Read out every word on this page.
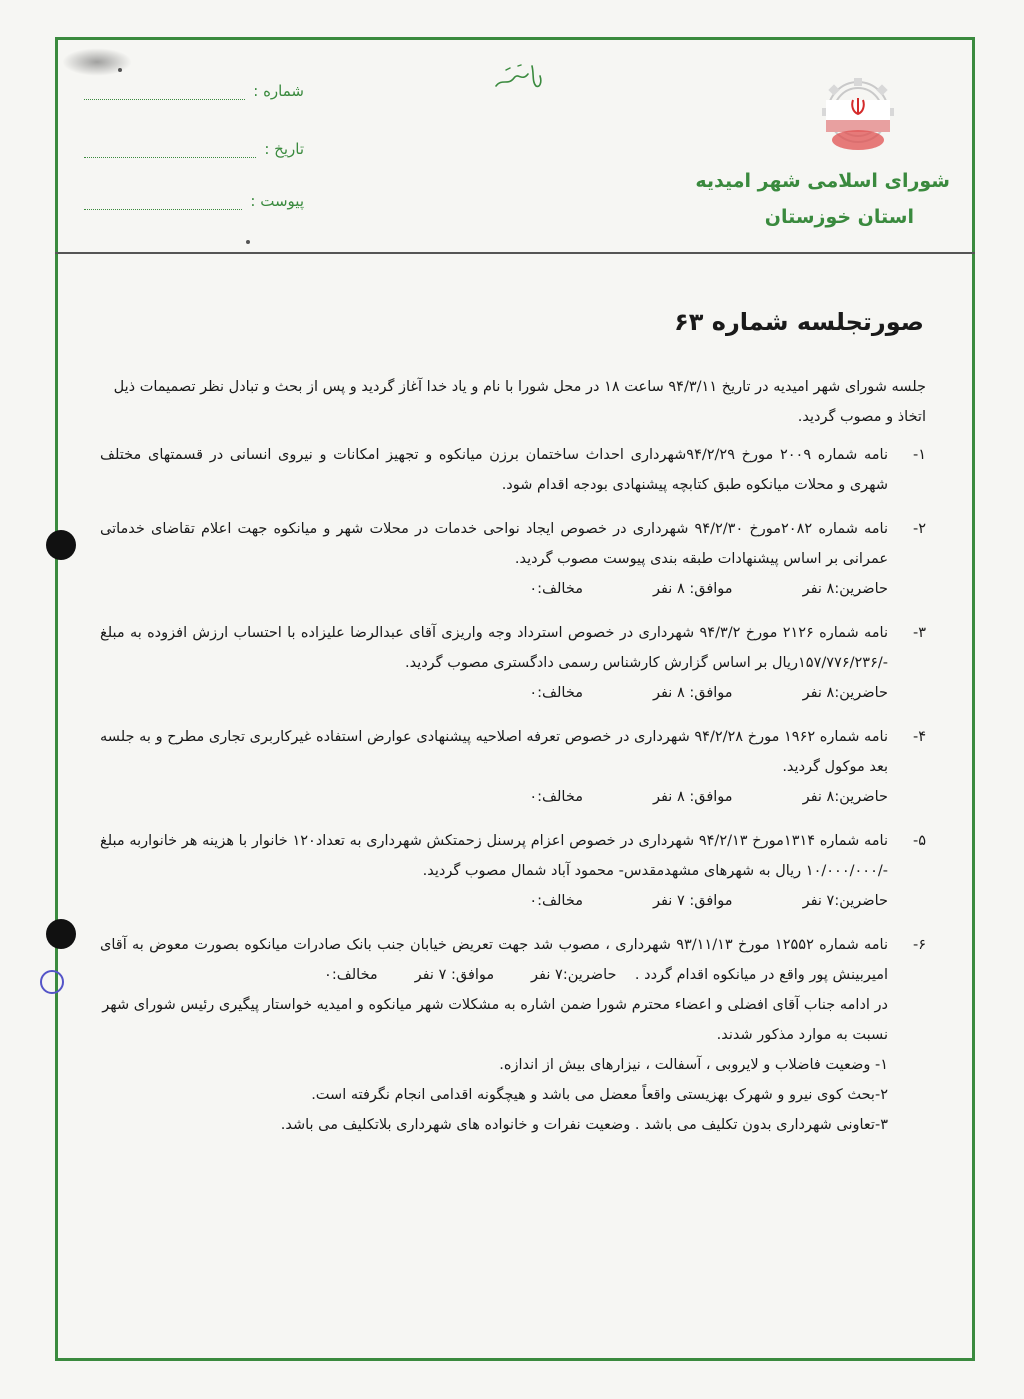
شماره :
تاریخ :
پیوست :
شورای اسلامی شهر امیدیه
استان خوزستان
صورتجلسه شماره ۶۳

جلسه شورای شهر امیدیه در تاریخ ۹۴/۳/۱۱ ساعت ۱۸ در محل شورا با نام و یاد خدا آغاز گردید و پس از بحث و تبادل نظر تصمیمات ذیل اتخاذ و مصوب گردید.

۱-

نامه شماره ۲۰۰۹ مورخ ۹۴/۲/۲۹شهرداری احداث ساختمان برزن میانکوه و تجهیز امکانات و نیروی انسانی در قسمتهای مختلف شهری و محلات میانکوه طبق کتابچه پیشنهادی بودجه اقدام شود.

۲-

نامه شماره ۲۰۸۲مورخ ۹۴/۲/۳۰ شهرداری در خصوص ایجاد نواحی خدمات در محلات شهر و میانکوه جهت اعلام تقاضای خدماتی عمرانی بر اساس پیشنهادات طبقه بندی پیوست مصوب گردید.

حاضرین:۸ نفر
موافق: ۸ نفر
مخالف:۰
۳-

نامه شماره ۲۱۲۶ مورخ ۹۴/۳/۲ شهرداری در خصوص استرداد وجه واریزی آقای عبدالرضا علیزاده با احتساب ارزش افزوده به مبلغ -/۱۵۷/۷۷۶/۲۳۶ریال بر اساس گزارش کارشناس رسمی دادگستری مصوب گردید.

حاضرین:۸ نفر
موافق: ۸ نفر
مخالف:۰
۴-

نامه شماره ۱۹۶۲ مورخ ۹۴/۲/۲۸ شهرداری در خصوص تعرفه اصلاحیه پیشنهادی عوارض استفاده غیرکاربری تجاری مطرح و به جلسه بعد موکول گردید.

حاضرین:۸ نفر
موافق: ۸ نفر
مخالف:۰
۵-

نامه شماره ۱۳۱۴مورخ ۹۴/۲/۱۳ شهرداری در خصوص اعزام پرسنل زحمتکش شهرداری به تعداد۱۲۰ خانوار با هزینه هر خانواربه مبلغ -/۱۰/۰۰۰/۰۰۰ ریال به شهرهای مشهدمقدس- محمود آباد شمال مصوب گردید.

حاضرین:۷ نفر
موافق: ۷ نفر
مخالف:۰
۶-

نامه شماره ۱۲۵۵۲ مورخ ۹۳/۱۱/۱۳ شهرداری ، مصوب شد جهت تعریض خیابان جنب بانک صادرات میانکوه بصورت معوض به آقای امیربینش پور واقع در میانکوه اقدام گردد .    حاضرین:۷ نفر        موافق: ۷ نفر        مخالف:۰

در ادامه جناب آقای افضلی و اعضاء محترم شورا ضمن اشاره به مشکلات شهر میانکوه و امیدیه خواستار پیگیری رئیس شورای شهر نسبت به موارد مذکور شدند.

۱- وضعیت فاضلاب و لایروبی ، آسفالت ، نیزارهای بیش از اندازه.

۲-بحث کوی نیرو و شهرک بهزیستی واقعاً معضل می باشد و هیچگونه اقدامی انجام نگرفته است.

۳-تعاونی شهرداری بدون تکلیف می باشد . وضعیت نفرات و خانواده های شهرداری بلاتکلیف می باشد.
